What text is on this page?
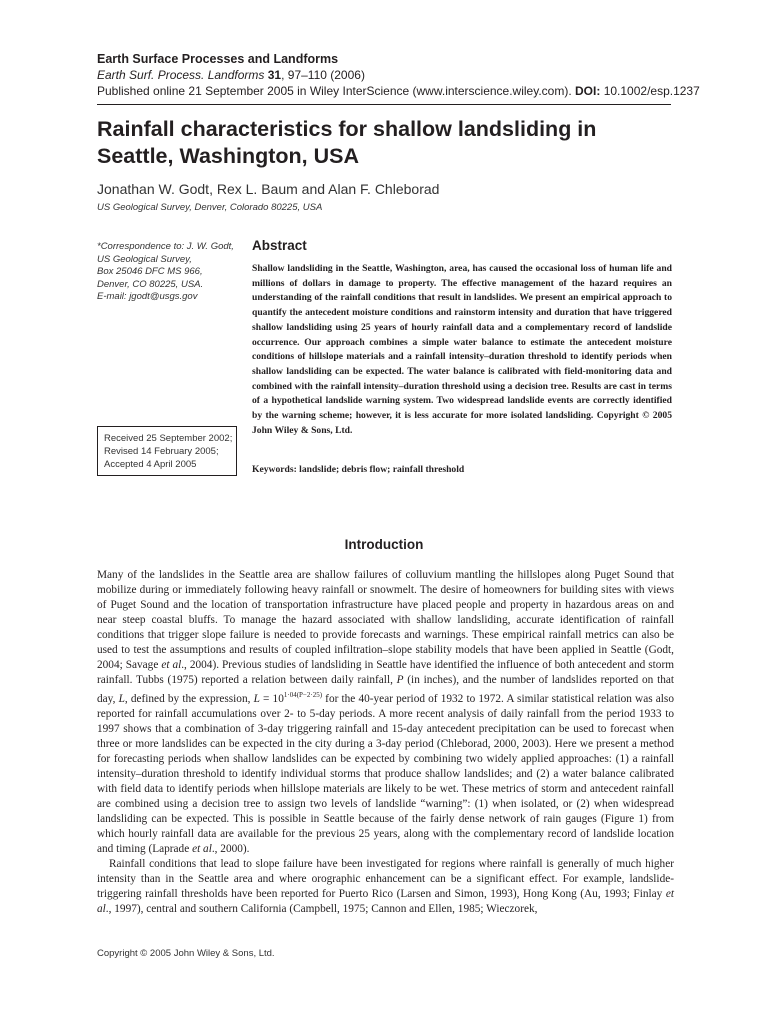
Earth Surface Processes and Landforms
Earth Surf. Process. Landforms 31, 97–110 (2006)
Published online 21 September 2005 in Wiley InterScience (www.interscience.wiley.com). DOI: 10.1002/esp.1237
Rainfall characteristics for shallow landsliding in Seattle, Washington, USA
Jonathan W. Godt, Rex L. Baum and Alan F. Chleborad
US Geological Survey, Denver, Colorado 80225, USA
*Correspondence to: J. W. Godt,
US Geological Survey,
Box 25046 DFC MS 966,
Denver, CO 80225, USA.
E-mail: jgodt@usgs.gov
Received 25 September 2002;
Revised 14 February 2005;
Accepted 4 April 2005
Abstract
Shallow landsliding in the Seattle, Washington, area, has caused the occasional loss of human life and millions of dollars in damage to property. The effective management of the hazard requires an understanding of the rainfall conditions that result in landslides. We present an empirical approach to quantify the antecedent moisture conditions and rainstorm intensity and duration that have triggered shallow landsliding using 25 years of hourly rainfall data and a complementary record of landslide occurrence. Our approach combines a simple water balance to estimate the antecedent moisture conditions of hillslope materials and a rainfall intensity–duration threshold to identify periods when shallow landsliding can be expected. The water balance is calibrated with field-monitoring data and combined with the rainfall intensity–duration threshold using a decision tree. Results are cast in terms of a hypothetical landslide warning system. Two widespread landslide events are correctly identified by the warning scheme; however, it is less accurate for more isolated landsliding. Copyright © 2005 John Wiley & Sons, Ltd.
Keywords: landslide; debris flow; rainfall threshold
Introduction

Many of the landslides in the Seattle area are shallow failures of colluvium mantling the hillslopes along Puget Sound that mobilize during or immediately following heavy rainfall or snowmelt. The desire of homeowners for building sites with views of Puget Sound and the location of transportation infrastructure have placed people and property in hazardous areas on and near steep coastal bluffs. To manage the hazard associated with shallow landsliding, accurate identification of rainfall conditions that trigger slope failure is needed to provide forecasts and warnings. These empirical rainfall metrics can also be used to test the assumptions and results of coupled infiltration–slope stability models that have been applied in Seattle (Godt, 2004; Savage et al., 2004). Previous studies of landsliding in Seattle have identified the influence of both antecedent and storm rainfall. Tubbs (1975) reported a relation between daily rainfall, P (in inches), and the number of landslides reported on that day, L, defined by the expression, $L = 10^{1\cdot 04(P-2\cdot 25)}$ for the 40-year period of 1932 to 1972. A similar statistical relation was also reported for rainfall accumulations over 2- to 5-day periods. A more recent analysis of daily rainfall from the period 1933 to 1997 shows that a combination of 3-day triggering rainfall and 15-day antecedent precipitation can be used to forecast when three or more landslides can be expected in the city during a 3-day period (Chleborad, 2000, 2003). Here we present a method for forecasting periods when shallow landslides can be expected by combining two widely applied approaches: (1) a rainfall intensity–duration threshold to identify individual storms that produce shallow landslides; and (2) a water balance calibrated with field data to identify periods when hillslope materials are likely to be wet. These metrics of storm and antecedent rainfall are combined using a decision tree to assign two levels of landslide “warning”: (1) when isolated, or (2) when widespread landsliding can be expected. This is possible in Seattle because of the fairly dense network of rain gauges (Figure 1) from which hourly rainfall data are available for the previous 25 years, along with the complementary record of landslide location and timing (Laprade et al., 2000).

Rainfall conditions that lead to slope failure have been investigated for regions where rainfall is generally of much higher intensity than in the Seattle area and where orographic enhancement can be a significant effect. For example, landslide-triggering rainfall thresholds have been reported for Puerto Rico (Larsen and Simon, 1993), Hong Kong (Au, 1993; Finlay et al., 1997), central and southern California (Campbell, 1975; Cannon and Ellen, 1985; Wieczorek,

Copyright © 2005 John Wiley & Sons, Ltd.
